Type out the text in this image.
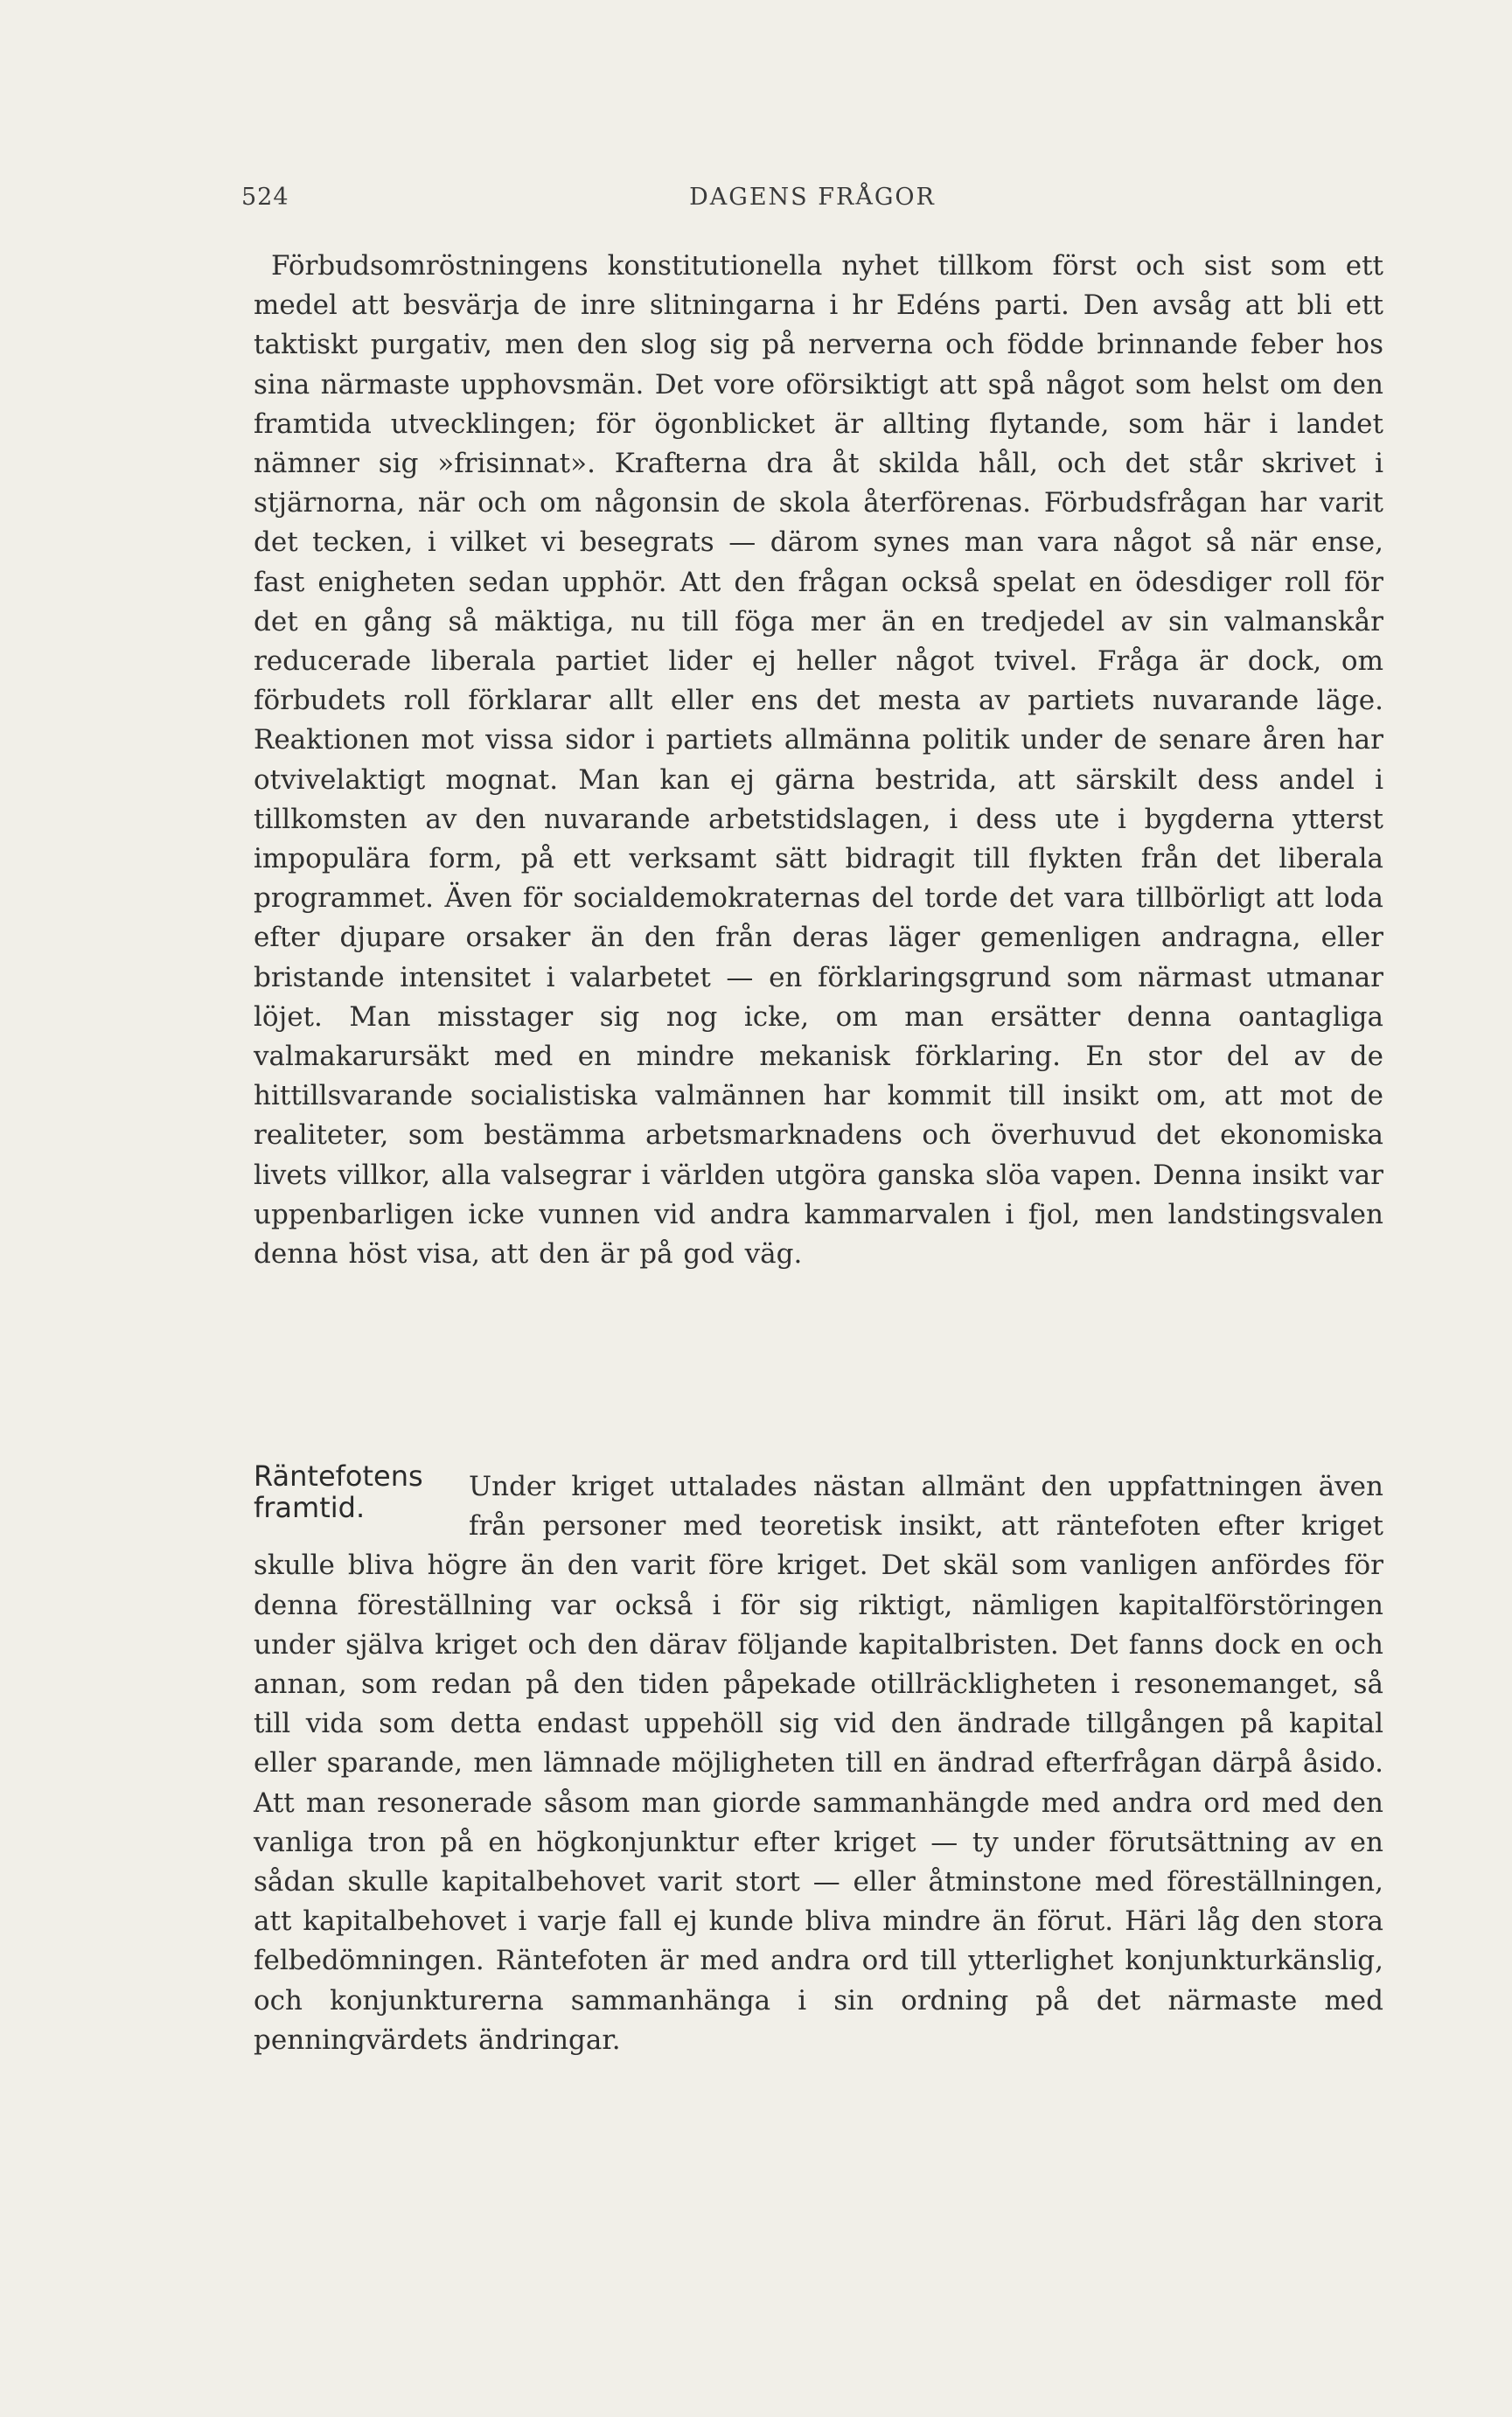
524	DAGENS FRÅGOR

Förbudsomröstningens konstitutionella nyhet tillkom först och sist som ett medel att besvärja de inre slitningarna i hr Edéns parti. Den avsåg att bli ett taktiskt purgativ, men den slog sig på nerverna och födde brinnande feber hos sina närmaste upphovsmän. Det vore oförsiktigt att spå något som helst om den framtida utvecklingen; för ögonblicket är allting flytande, som här i landet nämner sig »frisinnat». Krafterna dra åt skilda håll, och det står skrivet i stjärnorna, när och om någonsin de skola återförenas. Förbudsfrågan har varit det tecken, i vilket vi besegrats — därom synes man vara något så när ense, fast enigheten sedan upphör. Att den frågan också spelat en ödesdiger roll för det en gång så mäktiga, nu till föga mer än en tredjedel av sin valmanskår reducerade liberala partiet lider ej heller något tvivel. Fråga är dock, om förbudets roll förklarar allt eller ens det mesta av partiets nuvarande läge. Reaktionen mot vissa sidor i partiets allmänna politik under de senare åren har otvivelaktigt mognat. Man kan ej gärna bestrida, att särskilt dess andel i tillkomsten av den nuvarande arbetstidslagen, i dess ute i bygderna ytterst impopulära form, på ett verksamt sätt bidragit till flykten från det liberala programmet. Även för socialdemokraternas del torde det vara tillbörligt att loda efter djupare orsaker än den från deras läger gemenligen andragna, eller bristande intensitet i valarbetet — en förklaringsgrund som närmast utmanar löjet. Man misstager sig nog icke, om man ersätter denna oantagliga valmakarursäkt med en mindre mekanisk förklaring. En stor del av de hittillsvarande socialistiska valmännen har kommit till insikt om, att mot de realiteter, som bestämma arbetsmarknadens och överhuvud det ekonomiska livets villkor, alla valsegrar i världen utgöra ganska slöa vapen. Denna insikt var uppenbarligen icke vunnen vid andra kammarvalen i fjol, men landstingsvalen denna höst visa, att den är på god väg.

Räntefotens
framtid.

Under kriget uttalades nästan allmänt den uppfattningen även från personer med teoretisk insikt, att räntefoten efter kriget skulle bliva högre än den varit före kriget. Det skäl som vanligen anfördes för denna föreställning var också i för sig riktigt, nämligen kapitalförstöringen under själva kriget och den därav följande kapitalbristen. Det fanns dock en och annan, som redan på den tiden påpekade otillräckligheten i resonemanget, så till vida som detta endast uppehöll sig vid den ändrade tillgången på kapital eller sparande, men lämnade möjligheten till en ändrad efterfrågan därpå åsido. Att man resonerade såsom man giorde sammanhängde med andra ord med den vanliga tron på en högkonjunktur efter kriget — ty under förutsättning av en sådan skulle kapitalbehovet varit stort — eller åtminstone med föreställningen, att kapitalbehovet i varje fall ej kunde bliva mindre än förut. Häri låg den stora felbedömningen. Räntefoten är med andra ord till ytterlighet konjunkturkänslig, och konjunkturerna sammanhänga i sin ordning på det närmaste med penningvärdets ändringar.
